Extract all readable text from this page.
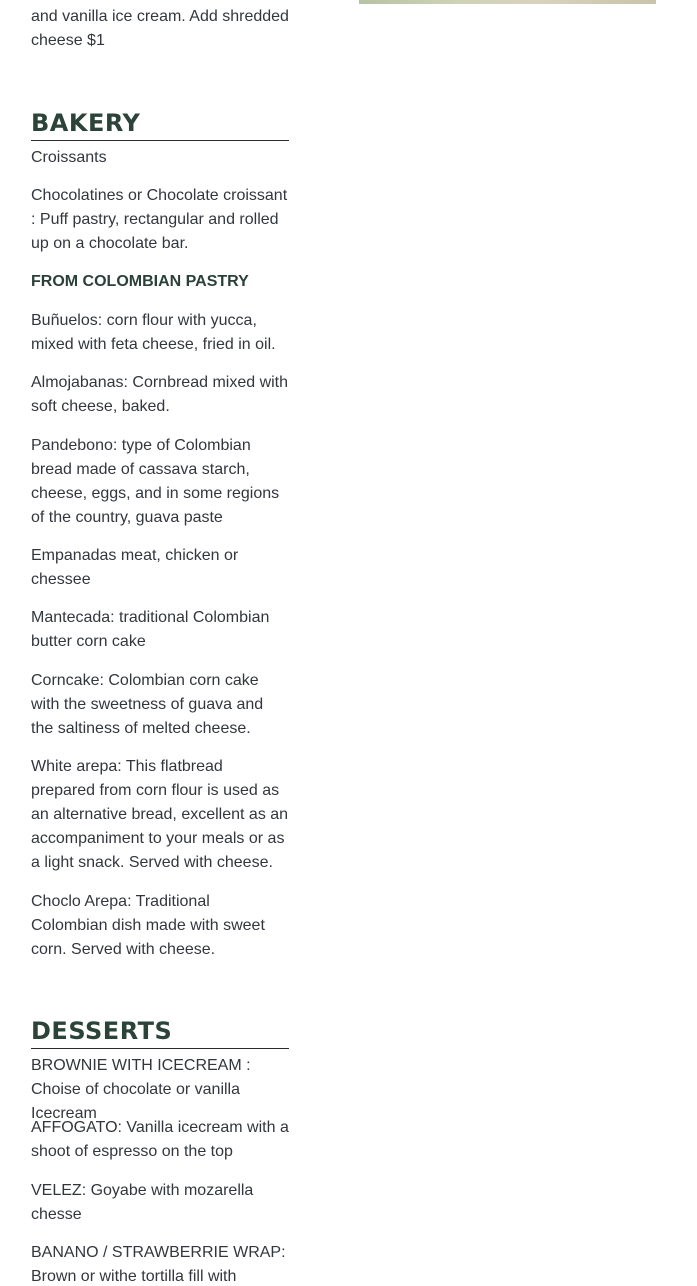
and vanilla ice cream. Add shredded
cheese $1
BAKERY

Croissants

Chocolatines or Chocolate croissant : Puff pastry, rectangular and rolled up on a chocolate bar.

FROM COLOMBIAN PASTRY

Buñuelos: corn flour with yucca, mixed with feta cheese, fried in oil.

Almojabanas: Cornbread mixed with soft cheese, baked.

Pandebono: type of Colombian bread made of cassava starch, cheese, eggs, and in some regions of the country, guava paste

Empanadas meat, chicken or chessee

Mantecada: traditional Colombian butter corn cake

Corncake: Colombian corn cake with the sweetness of guava and the saltiness of melted cheese.

White arepa: This flatbread prepared from corn flour is used as an alternative bread, excellent as an accompaniment to your meals or as a light snack. Served with cheese.

Choclo Arepa: Traditional Colombian dish made with sweet corn. Served with cheese.

DESSERTS

BROWNIE WITH ICECREAM : Choise of chocolate or vanilla Icecream

AFFOGATO: Vanilla icecream with a shoot of espresso on the top

VELEZ: Goyabe with mozarella chesse

BANANO / STRAWBERRIE WRAP: Brown or withe tortilla fill with
